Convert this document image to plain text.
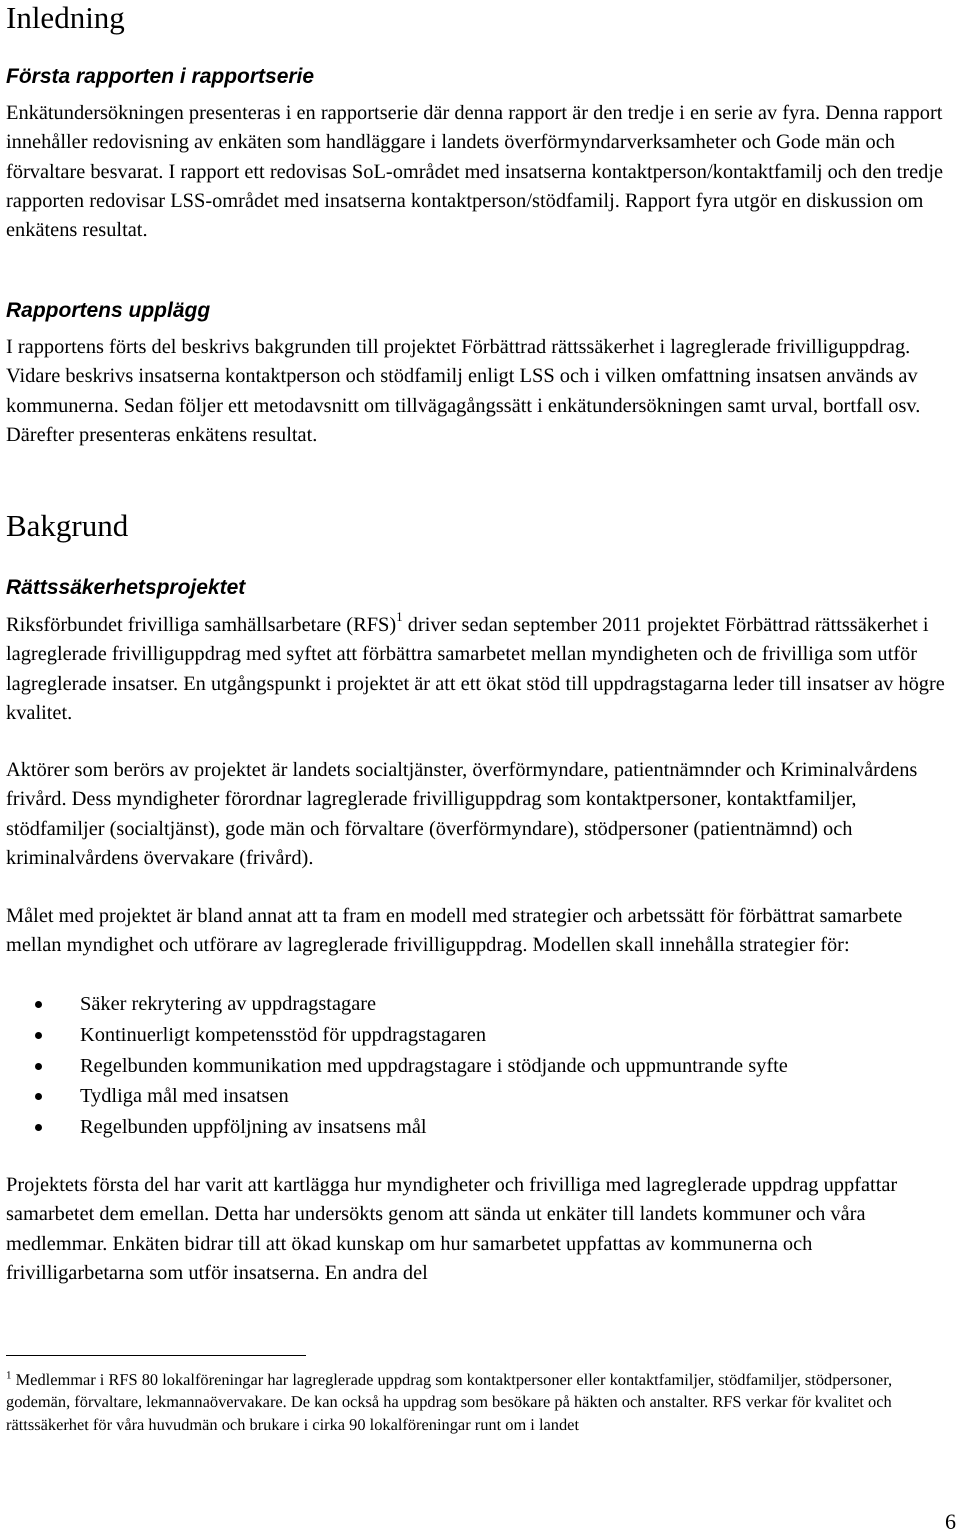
Inledning
Första rapporten i rapportserie

Enkätundersökningen presenteras i en rapportserie där denna rapport är den tredje i en serie av fyra. Denna rapport innehåller redovisning av enkäten som handläggare i landets överförmyndarverksamheter och Gode män och förvaltare besvarat. I rapport ett redovisas SoL-området med insatserna kontaktperson/kontaktfamilj och den tredje rapporten redovisar LSS-området med insatserna kontaktperson/stödfamilj. Rapport fyra utgör en diskussion om enkätens resultat.

Rapportens upplägg

I rapportens förts del beskrivs bakgrunden till projektet Förbättrad rättssäkerhet i lagreglerade frivilliguppdrag. Vidare beskrivs insatserna kontaktperson och stödfamilj enligt LSS och i vilken omfattning insatsen används av kommunerna. Sedan följer ett metodavsnitt om tillvägagångssätt i enkätundersökningen samt urval, bortfall osv. Därefter presenteras enkätens resultat.

Bakgrund
Rättssäkerhetsprojektet

Riksförbundet frivilliga samhällsarbetare (RFS)$^1$ driver sedan september 2011 projektet Förbättrad rättssäkerhet i lagreglerade frivilliguppdrag med syftet att förbättra samarbetet mellan myndigheten och de frivilliga som utför lagreglerade insatser. En utgångspunkt i projektet är att ett ökat stöd till uppdragstagarna leder till insatser av högre kvalitet.

Aktörer som berörs av projektet är landets socialtjänster, överförmyndare, patientnämnder och Kriminalvårdens frivård. Dess myndigheter förordnar lagreglerade frivilliguppdrag som kontaktpersoner, kontaktfamiljer, stödfamiljer (socialtjänst), gode män och förvaltare (överförmyndare), stödpersoner (patientnämnd) och kriminalvårdens övervakare (frivård).

Målet med projektet är bland annat att ta fram en modell med strategier och arbetssätt för förbättrat samarbete mellan myndighet och utförare av lagreglerade frivilliguppdrag. Modellen skall innehålla strategier för:

Säker rekrytering av uppdragstagare
Kontinuerligt kompetensstöd för uppdragstagaren
Regelbunden kommunikation med uppdragstagare i stödjande och uppmuntrande syfte
Tydliga mål med insatsen
Regelbunden uppföljning av insatsens mål

Projektets första del har varit att kartlägga hur myndigheter och frivilliga med lagreglerade uppdrag uppfattar samarbetet dem emellan. Detta har undersökts genom att sända ut enkäter till landets kommuner och våra medlemmar. Enkäten bidrar till att ökad kunskap om hur samarbetet uppfattas av kommunerna och frivilligarbetarna som utför insatserna. En andra del

$^1$ Medlemmar i RFS 80 lokalföreningar har lagreglerade uppdrag som kontaktpersoner eller kontaktfamiljer, stödfamiljer, stödpersoner, godemän, förvaltare, lekmannaövervakare. De kan också ha uppdrag som besökare på häkten och anstalter. RFS verkar för kvalitet och rättssäkerhet för våra huvudmän och brukare i cirka 90 lokalföreningar runt om i landet

6
